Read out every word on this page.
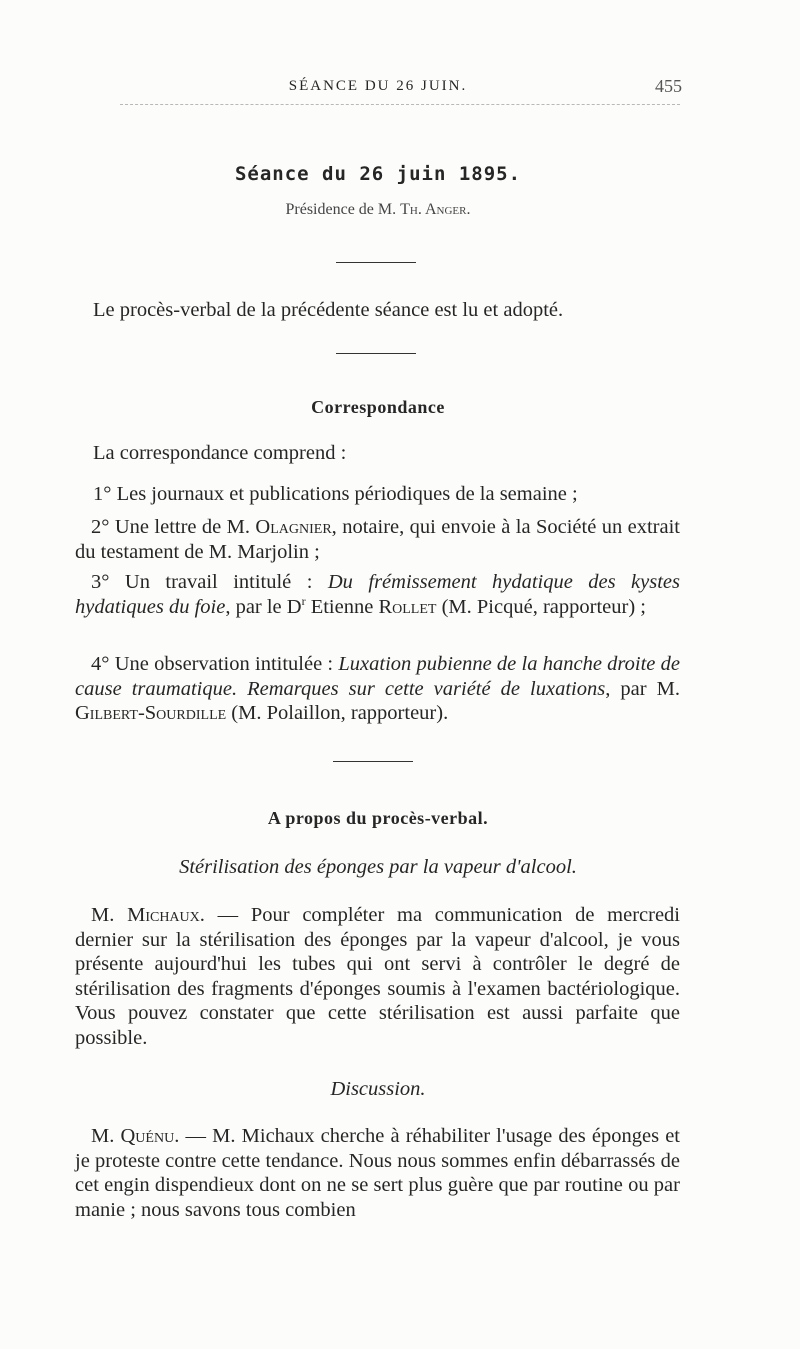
SÉANCE DU 26 JUIN.	455
Séance du 26 juin 1895.
Présidence de M. Th. Anger.
Le procès-verbal de la précédente séance est lu et adopté.
Correspondance
La correspondance comprend :
1° Les journaux et publications périodiques de la semaine ;
2° Une lettre de M. Olagnier, notaire, qui envoie à la Société un extrait du testament de M. Marjolin ;
3° Un travail intitulé : Du frémissement hydatique des kystes hydatiques du foie, par le $D^r$ Etienne Rollet (M. Picqué, rapporteur) ;
4° Une observation intitulée : Luxation pubienne de la hanche droite de cause traumatique. Remarques sur cette variété de luxations, par M. Gilbert-Sourdille (M. Polaillon, rapporteur).
A propos du procès-verbal.
Stérilisation des éponges par la vapeur d'alcool.
M. Michaux. — Pour compléter ma communication de mercredi dernier sur la stérilisation des éponges par la vapeur d'alcool, je vous présente aujourd'hui les tubes qui ont servi à contrôler le degré de stérilisation des fragments d'éponges soumis à l'examen bactériologique. Vous pouvez constater que cette stérilisation est aussi parfaite que possible.
Discussion.
M. Quénu. — M. Michaux cherche à réhabiliter l'usage des éponges et je proteste contre cette tendance. Nous nous sommes enfin débarrassés de cet engin dispendieux dont on ne se sert plus guère que par routine ou par manie ; nous savons tous combien
